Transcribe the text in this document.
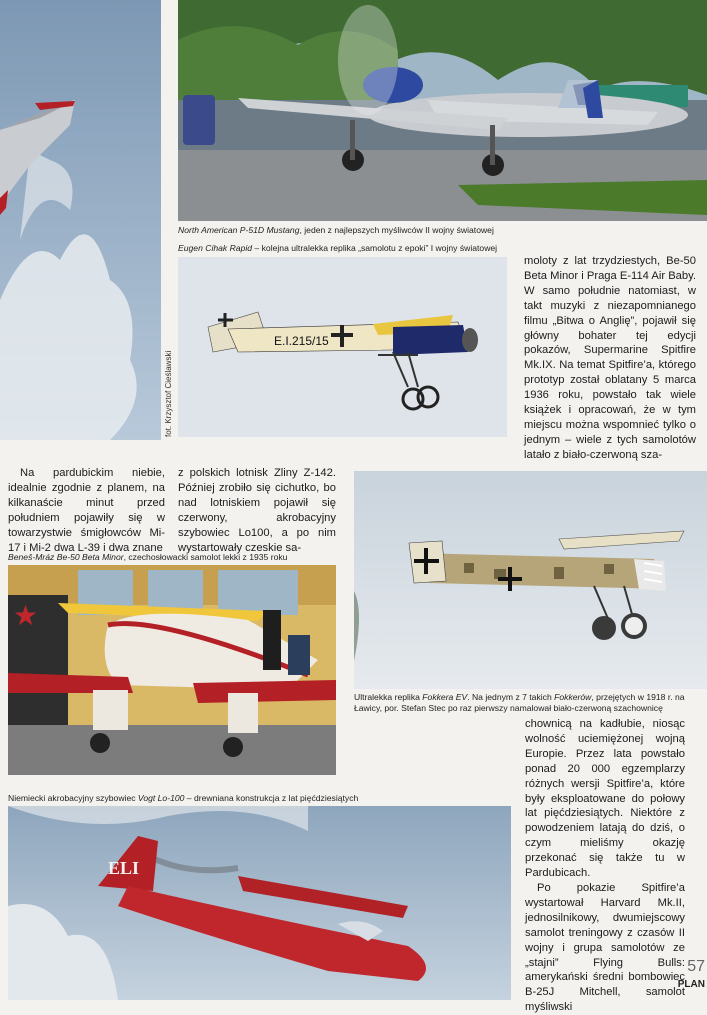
E.I.215/15
★
ELI
North American P-51D Mustang, jeden z najlepszych myśliwców II wojny światowej
Eugen Cihak Rapid – kolejna ultralekka replika „samolotu z epoki” I wojny światowej
fot. Krzysztof Cieślawski
Beneš-Mráz Be-50 Beta Minor, czechosłowacki samolot lekki z 1935 roku
Ultralekka replika Fokkera EV. Na jednym z 7 takich Fokkerów, przejętych w 1918 r. na Ławicy, por. Stefan Stec po raz pierwszy namalował biało-czerwoną szachownicę
Niemiecki akrobacyjny szybowiec Vogt Lo-100 – drewniana konstrukcja z lat pięćdziesiątych

moloty z lat trzydziestych, Be-50 Beta Minor i Praga E-114 Air Baby. W samo południe natomiast, w takt muzyki z niezapomnianego filmu „Bitwa o Anglię”, pojawił się główny bohater tej edycji pokazów, Supermarine Spitfire Mk.IX. Na temat Spitfire’a, którego prototyp został oblatany 5 marca 1936 roku, powstało tak wiele książek i opracowań, że w tym miejscu można wspomnieć tylko o jednym – wiele z tych samolotów latało z biało-czerwoną sza-

Na pardubickim niebie, idealnie zgodnie z planem, na kilkanaście minut przed południem pojawiły się w towarzystwie śmigłowców Mi-17 i Mi-2 dwa L-39 i dwa znane

z polskich lotnisk Zliny Z-142. Później zrobiło się cichutko, bo nad lotniskiem pojawił się czerwony, akrobacyjny szybowiec Lo100, a po nim wystartowały czeskie sa-

chownicą na kadłubie, niosąc wolność uciemiężonej wojną Europie. Przez lata powstało ponad 20 000 egzemplarzy różnych wersji Spitfire’a, które były eksploatowane do połowy lat pięćdziesiątych. Niektóre z powodzeniem latają do dziś, o czym mieliśmy okazję przekonać się także tu w Pardubicach.

Po pokazie Spitfire’a wystartował Harvard Mk.II, jednosilnikowy, dwumiejscowy samolot treningowy z czasów II wojny i grupa samolotów ze „stajni” Flying Bulls: amerykański średni bombowiec B-25J Mitchell, samolot myśliwski

57
PLAN
